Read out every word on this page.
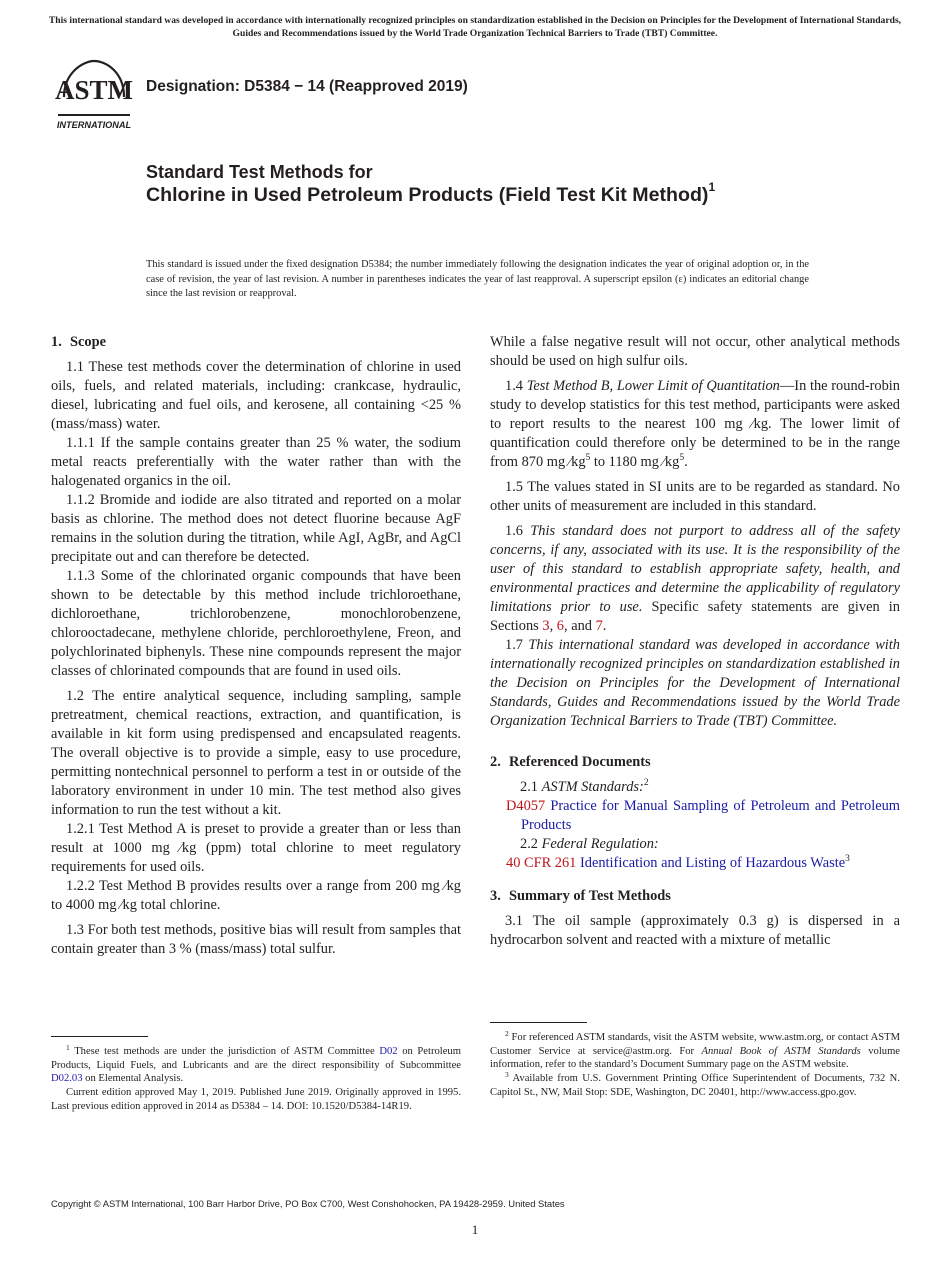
This international standard was developed in accordance with internationally recognized principles on standardization established in the Decision on Principles for the Development of International Standards, Guides and Recommendations issued by the World Trade Organization Technical Barriers to Trade (TBT) Committee.
ASTM
INTERNATIONAL
Designation: D5384 − 14 (Reapproved 2019)
Standard Test Methods for
Chlorine in Used Petroleum Products (Field Test Kit Method)$^1$
This standard is issued under the fixed designation D5384; the number immediately following the designation indicates the year of original adoption or, in the case of revision, the year of last revision. A number in parentheses indicates the year of last reapproval. A superscript epsilon (ε) indicates an editorial change since the last revision or reapproval.
1. Scope

1.1 These test methods cover the determination of chlorine in used oils, fuels, and related materials, including: crankcase, hydraulic, diesel, lubricating and fuel oils, and kerosene, all containing <25 % (mass/mass) water.

1.1.1 If the sample contains greater than 25 % water, the sodium metal reacts preferentially with the water rather than with the halogenated organics in the oil.

1.1.2 Bromide and iodide are also titrated and reported on a molar basis as chlorine. The method does not detect fluorine because AgF remains in the solution during the titration, while AgI, AgBr, and AgCl precipitate out and can therefore be detected.

1.1.3 Some of the chlorinated organic compounds that have been shown to be detectable by this method include trichloroethane, dichloroethane, trichlorobenzene, monochlorobenzene, chlorooctadecane, methylene chloride, perchloroethylene, Freon, and polychlorinated biphenyls. These nine compounds represent the major classes of chlorinated compounds that are found in used oils.

1.2 The entire analytical sequence, including sampling, sample pretreatment, chemical reactions, extraction, and quantification, is available in kit form using predispensed and encapsulated reagents. The overall objective is to provide a simple, easy to use procedure, permitting nontechnical personnel to perform a test in or outside of the laboratory environment in under 10 min. The test method also gives information to run the test without a kit.

1.2.1 Test Method A is preset to provide a greater than or less than result at 1000 mg ⁄kg (ppm) total chlorine to meet regulatory requirements for used oils.

1.2.2 Test Method B provides results over a range from 200 mg ⁄kg to 4000 mg ⁄kg total chlorine.

1.3 For both test methods, positive bias will result from samples that contain greater than 3 % (mass/mass) total sulfur.

While a false negative result will not occur, other analytical methods should be used on high sulfur oils.

1.4 Test Method B, Lower Limit of Quantitation—In the round-robin study to develop statistics for this test method, participants were asked to report results to the nearest 100 mg ⁄kg. The lower limit of quantification could therefore only be determined to be in the range from 870 mg $⁄kg^5$ to 1180 mg $⁄kg^5$.

1.5 The values stated in SI units are to be regarded as standard. No other units of measurement are included in this standard.

1.6 This standard does not purport to address all of the safety concerns, if any, associated with its use. It is the responsibility of the user of this standard to establish appropriate safety, health, and environmental practices and determine the applicability of regulatory limitations prior to use. Specific safety statements are given in Sections 3, 6, and 7.

1.7 This international standard was developed in accordance with internationally recognized principles on standardization established in the Decision on Principles for the Development of International Standards, Guides and Recommendations issued by the World Trade Organization Technical Barriers to Trade (TBT) Committee.

2. Referenced Documents

2.1 ASTM Standards:$^2$

D4057 Practice for Manual Sampling of Petroleum and Petroleum Products

2.2 Federal Regulation:

40 CFR 261 Identification and Listing of Hazardous Waste$^3$

3. Summary of Test Methods

3.1 The oil sample (approximately 0.3 g) is dispersed in a hydrocarbon solvent and reacted with a mixture of metallic

$^1$ These test methods are under the jurisdiction of ASTM Committee D02 on Petroleum Products, Liquid Fuels, and Lubricants and are the direct responsibility of Subcommittee D02.03 on Elemental Analysis.

Current edition approved May 1, 2019. Published June 2019. Originally approved in 1995. Last previous edition approved in 2014 as D5384 – 14. DOI: 10.1520/D5384-14R19.

$^2$ For referenced ASTM standards, visit the ASTM website, www.astm.org, or contact ASTM Customer Service at service@astm.org. For Annual Book of ASTM Standards volume information, refer to the standard’s Document Summary page on the ASTM website.

$^3$ Available from U.S. Government Printing Office Superintendent of Documents, 732 N. Capitol St., NW, Mail Stop: SDE, Washington, DC 20401, http://www.access.gpo.gov.

Copyright © ASTM International, 100 Barr Harbor Drive, PO Box C700, West Conshohocken, PA 19428-2959. United States
1
